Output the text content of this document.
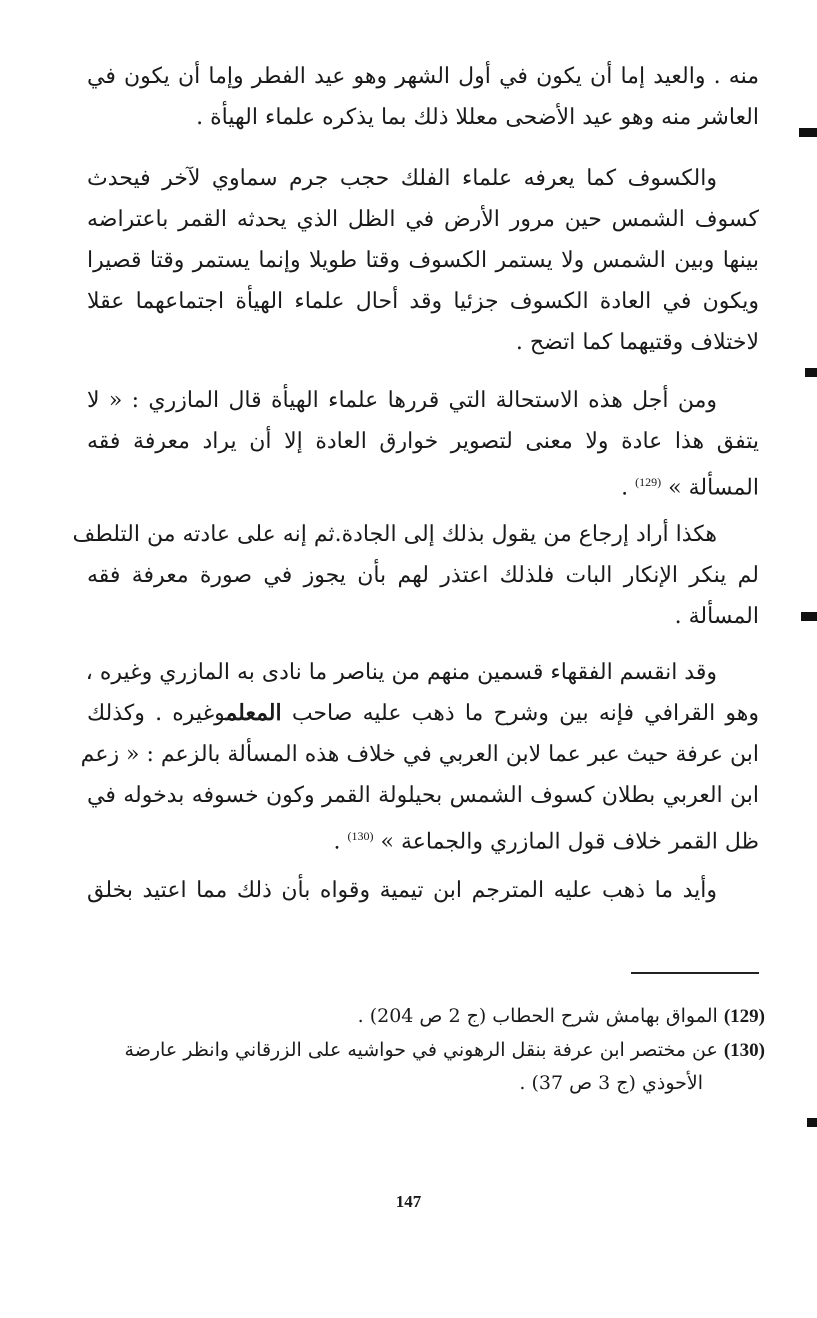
منه . والعيد إما أن يكون في أول الشهر وهو عيد الفطر وإما أن يكون في
العاشر منه وهو عيد الأضحى معللا ذلك بما يذكره علماء الهيأة .
والكسوف كما يعرفه علماء الفلك حجب جرم سماوي لآخر فيحدث
كسوف الشمس حين مرور الأرض في الظل الذي يحدثه القمر باعتراضه
بينها وبين الشمس ولا يستمر الكسوف وقتا طويلا وإنما يستمر وقتا قصيرا
ويكون في العادة الكسوف جزئيا وقد أحال علماء الهيأة اجتماعهما عقلا
لاختلاف وقتيهما كما اتضح .
ومن أجل هذه الاستحالة التي قررها علماء الهيأة قال المازري : « لا
يتفق هذا عادة ولا معنى لتصوير خوارق العادة إلا أن يراد معرفة فقه
المسألة » $^{(129)}$ .
هكذا أراد إرجاع من يقول بذلك إلى الجادة.ثم إنه على عادته من التلطف
لم ينكر الإنكار البات فلذلك اعتذر لهم بأن يجوز في صورة معرفة فقه
المسألة .
وقد انقسم الفقهاء قسمين منهم من يناصر ما نادى به المازري وغيره ،
وهو القرافي فإنه بين وشرح ما ذهب عليه صاحب المعلموغيره . وكذلك
ابن عرفة حيث عبر عما لابن العربي في خلاف هذه المسألة بالزعم : « زعم
ابن العربي بطلان كسوف الشمس بحيلولة القمر وكون خسوفه بدخوله في
ظل القمر خلاف قول المازري والجماعة » $^{(130)}$ .
وأيد ما ذهب عليه المترجم ابن تيمية وقواه بأن ذلك مما اعتيد بخلق
(129) المواق بهامش شرح الحطاب (ج 2 ص 204) .
(130) عن مختصر ابن عرفة بنقل الرهوني في حواشيه على الزرقاني وانظر عارضة
الأحوذي (ج 3 ص 37) .
147
